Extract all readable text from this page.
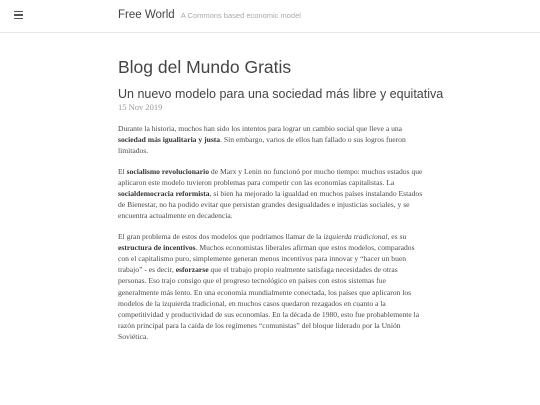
Free World A Commons based economic model
Blog del Mundo Gratis
Un nuevo modelo para una sociedad más libre y equitativa
15 Nov 2019

Durante la historia, muchos han sido los intentos para lograr un cambio social que lleve a una sociedad más igualitaria y justa. Sin embargo, varios de ellos han fallado o sus logros fueron limitados.

El socialismo revolucionario de Marx y Lenin no funcionó por mucho tiempo: muchos estados que aplicaron este modelo tuvieron problemas para competir con las economías capitalistas. La socialdemocracia reformista, si bien ha mejorado la igualdad en muchos países instalando Estados de Bienestar, no ha podido evitar que persistan grandes desigualdades e injusticias sociales, y se encuentra actualmente en decadencia.

El gran problema de estos dos modelos que podríamos llamar de la izquierda tradicional, es su estructura de incentivos. Muchos economistas liberales afirman que estos modelos, comparados con el capitalismo puro, simplemente generan menos incentivos para innovar y “hacer un buen trabajo” - es decir, esforzarse que el trabajo propio realmente satisfaga necesidades de otras personas. Eso trajo consigo que el progreso tecnológico en países con estos sistemas fue generalmente más lento. En una economía mundialmente conectada, los países que aplicaron los modelos de la izquierda tradicional, en muchos casos quedaron rezagados en cuanto a la competitividad y productividad de sus economías. En la década de 1980, esto fue probablemente la razón principal para la caída de los regímenes “comunistas” del bloque liderado por la Unión Soviética.
